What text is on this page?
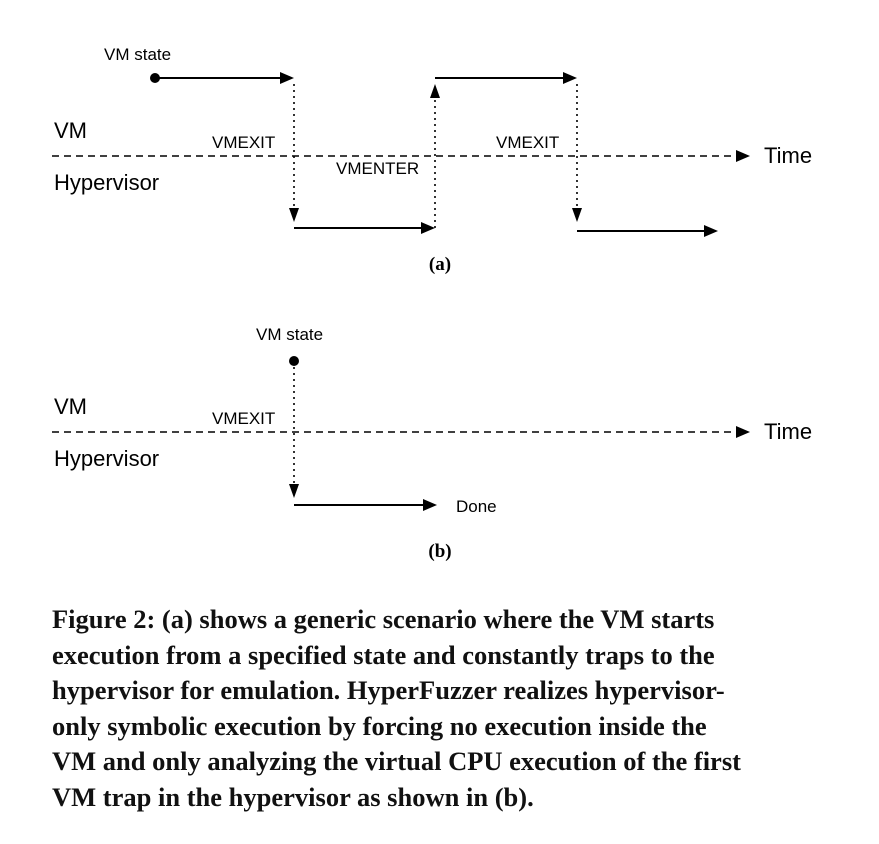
VM state
VM
Hypervisor
VMEXIT
VMENTER
VMEXIT
Time
(a)
VM state
VM
Hypervisor
VMEXIT
Time
Done
(b)

Figure 2: (a) shows a generic scenario where the VM starts
execution from a specified state and constantly traps to the
hypervisor for emulation. HyperFuzzer realizes hypervisor-
only symbolic execution by forcing no execution inside the
VM and only analyzing the virtual CPU execution of the first
VM trap in the hypervisor as shown in (b).
